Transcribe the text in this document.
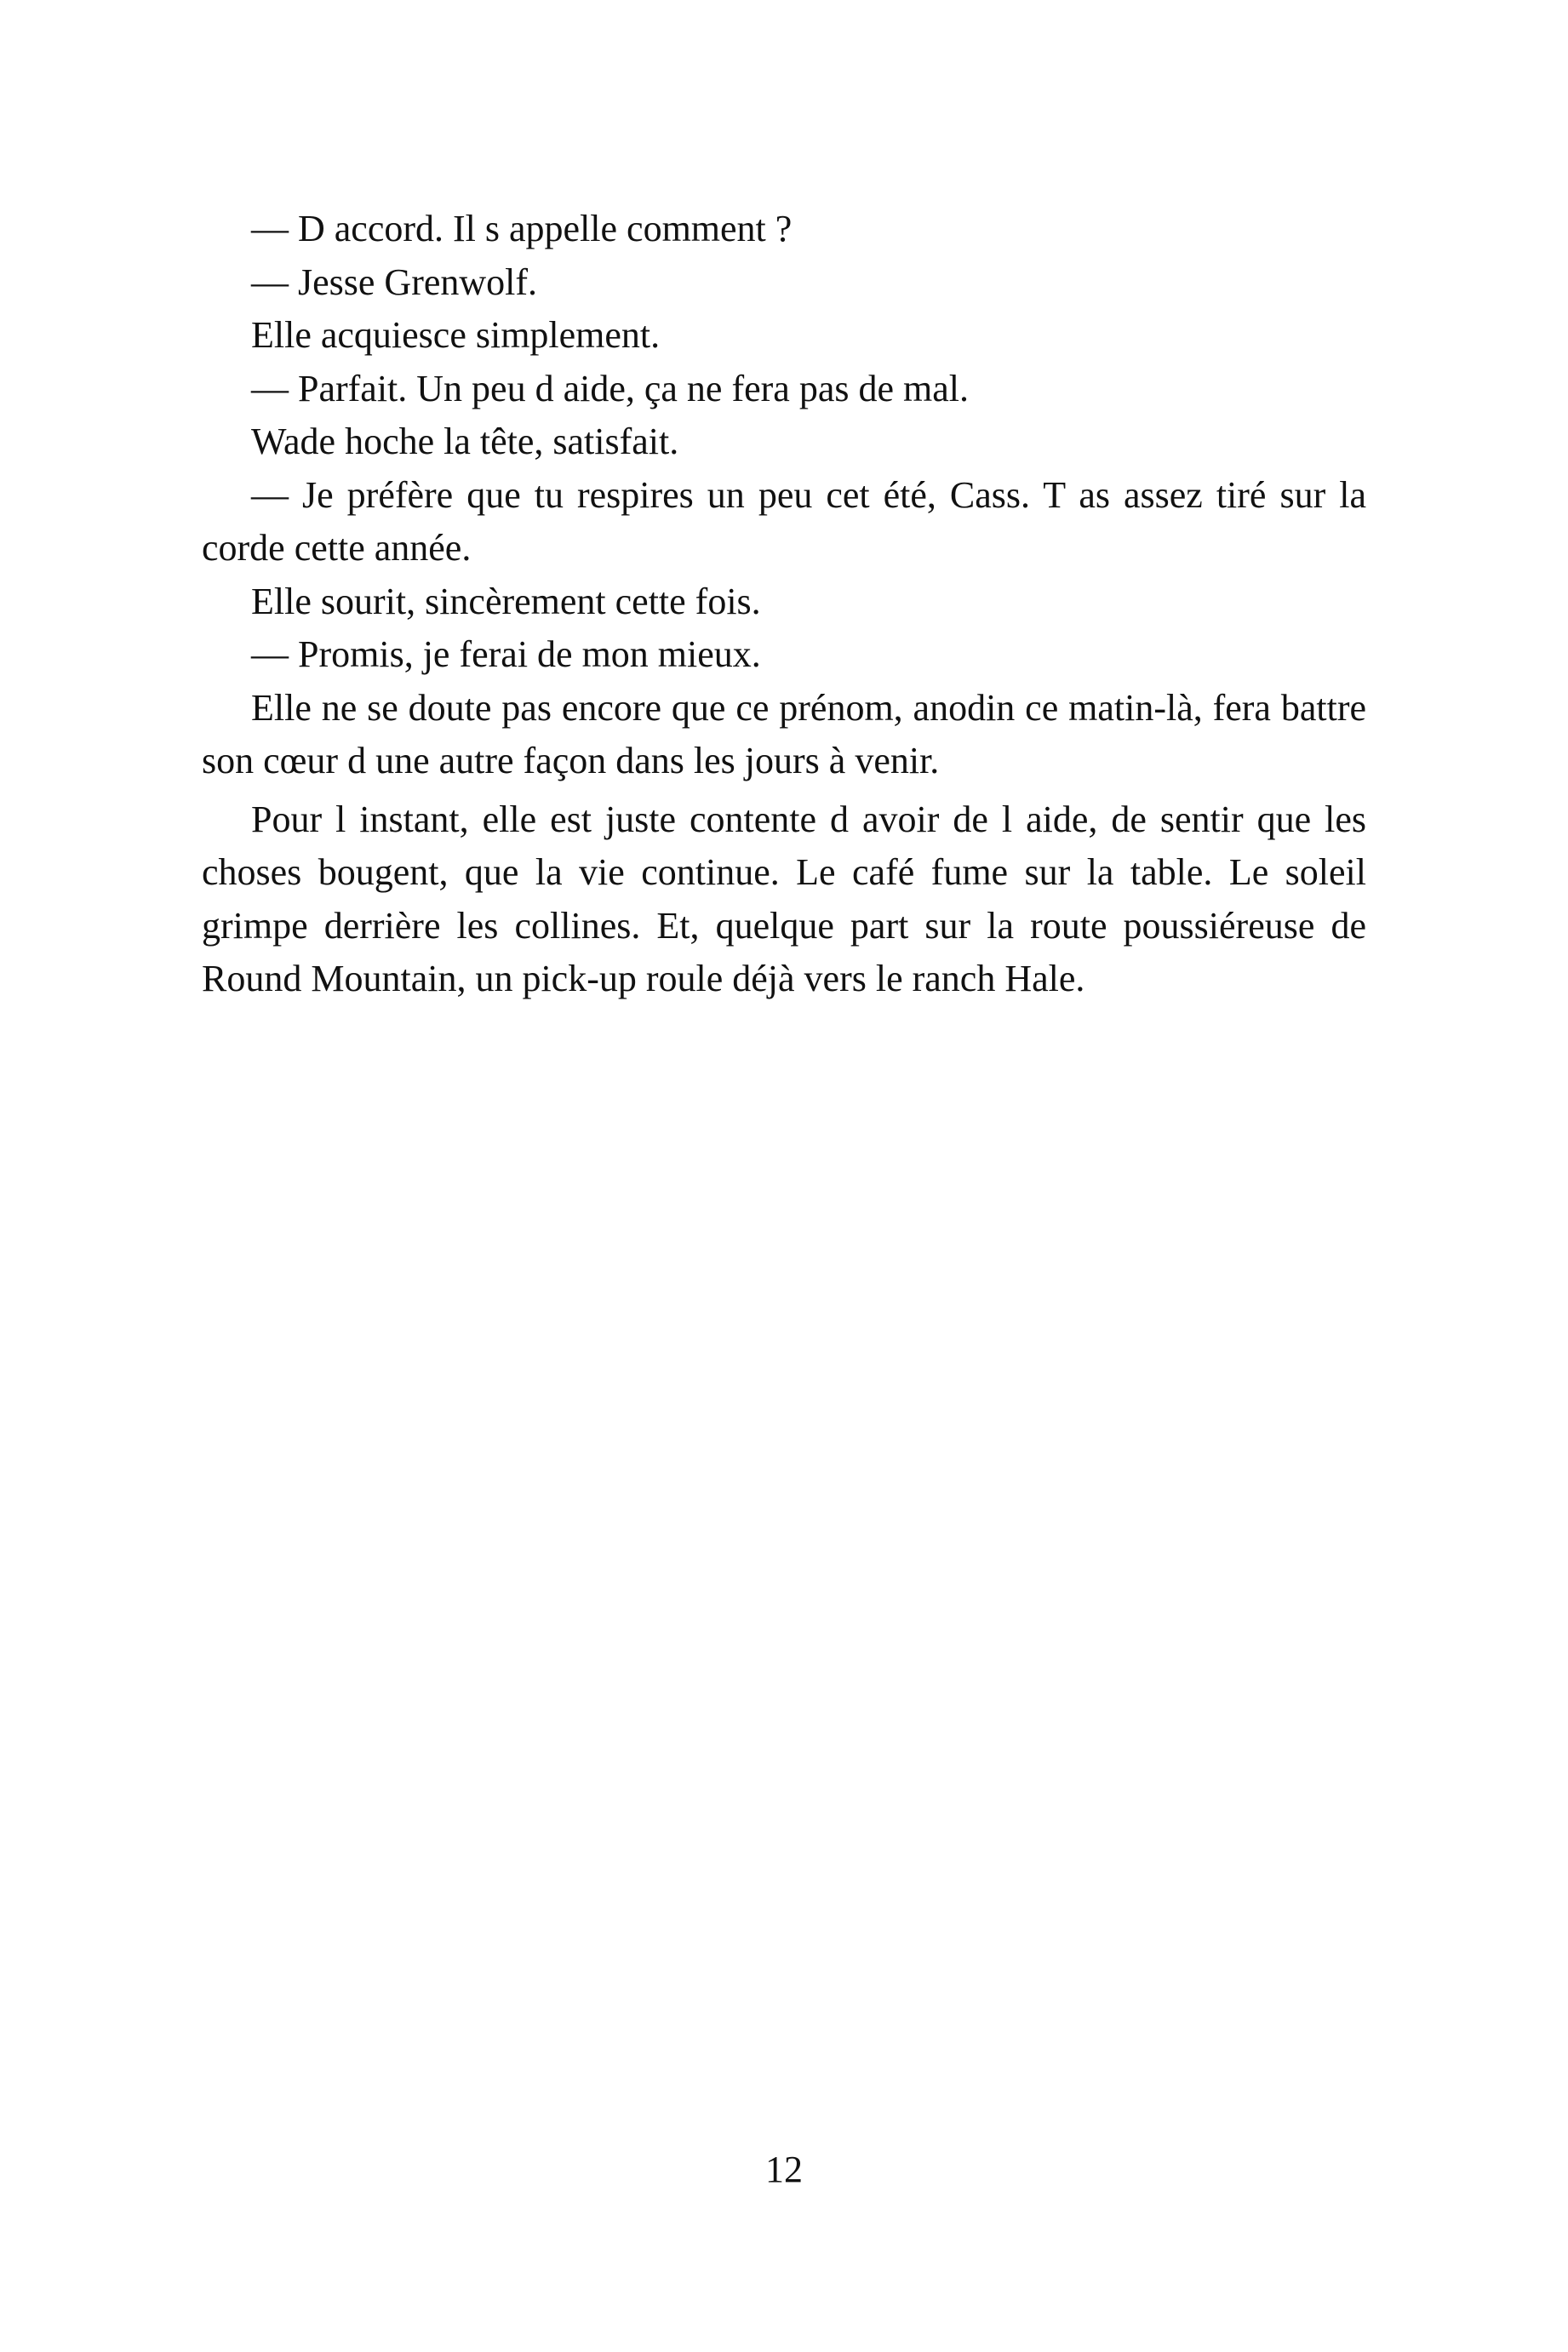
— D accord. Il s appelle comment ?

— Jesse Grenwolf.

Elle acquiesce simplement.

— Parfait. Un peu d aide, ça ne fera pas de mal.

Wade hoche la tête, satisfait.

— Je préfère que tu respires un peu cet été, Cass. T as assez tiré sur la corde cette année.

Elle sourit, sincèrement cette fois.

— Promis, je ferai de mon mieux.

Elle ne se doute pas encore que ce prénom, anodin ce matin-là, fera battre son cœur d une autre façon dans les jours à venir.

Pour l instant, elle est juste contente d avoir de l aide, de sentir que les choses bougent, que la vie continue. Le café fume sur la table. Le soleil grimpe derrière les collines. Et, quelque part sur la route poussiéreuse de Round Mountain, un pick-up roule déjà vers le ranch Hale.

12
